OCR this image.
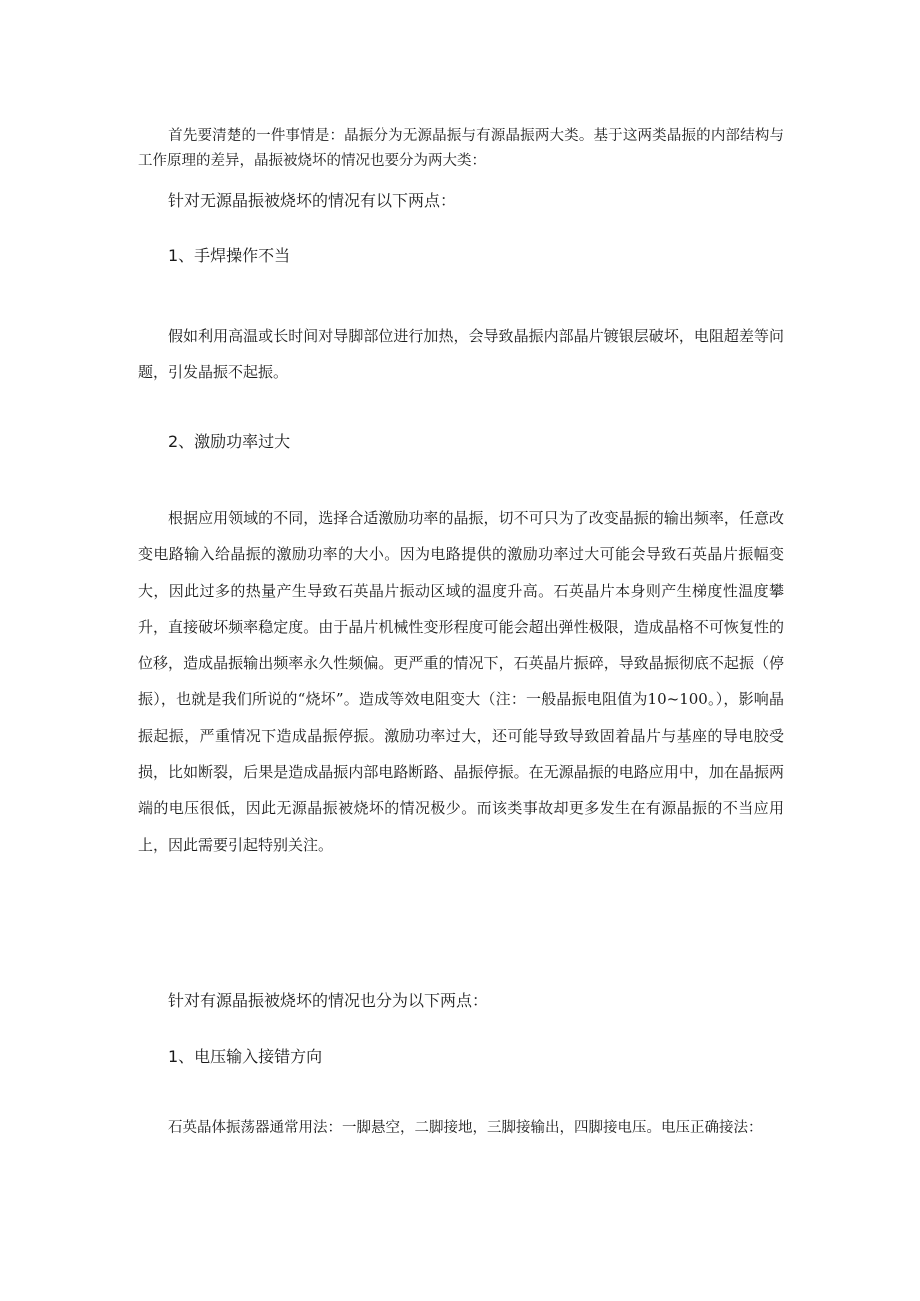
首先要清楚的一件事情是：晶振分为无源晶振与有源晶振两大类。基于这两类晶振的内部结构与工作原理的差异，晶振被烧坏的情况也要分为两大类：

针对无源晶振被烧坏的情况有以下两点：
1、手焊操作不当

假如利用高温或长时间对导脚部位进行加热，会导致晶振内部晶片镀银层破坏，电阻超差等问题，引发晶振不起振。

2、激励功率过大

根据应用领域的不同，选择合适激励功率的晶振，切不可只为了改变晶振的输出频率，任意改变电路输入给晶振的激励功率的大小。因为电路提供的激励功率过大可能会导致石英晶片振幅变大，因此过多的热量产生导致石英晶片振动区域的温度升高。石英晶片本身则产生梯度性温度攀升，直接破坏频率稳定度。由于晶片机械性变形程度可能会超出弹性极限，造成晶格不可恢复性的位移，造成晶振输出频率永久性频偏。更严重的情况下，石英晶片振碎，导致晶振彻底不起振（停振），也就是我们所说的“烧坏”。造成等效电阻变大（注：一般晶振电阻值为10~100。），影响晶振起振，严重情况下造成晶振停振。激励功率过大，还可能导致导致固着晶片与基座的导电胶受损，比如断裂，后果是造成晶振内部电路断路、晶振停振。在无源晶振的电路应用中，加在晶振两端的电压很低，因此无源晶振被烧坏的情况极少。而该类事故却更多发生在有源晶振的不当应用上，因此需要引起特别关注。

针对有源晶振被烧坏的情况也分为以下两点：
1、电压输入接错方向

石英晶体振荡器通常用法：一脚悬空，二脚接地，三脚接输出，四脚接电压。电压正确接法：
